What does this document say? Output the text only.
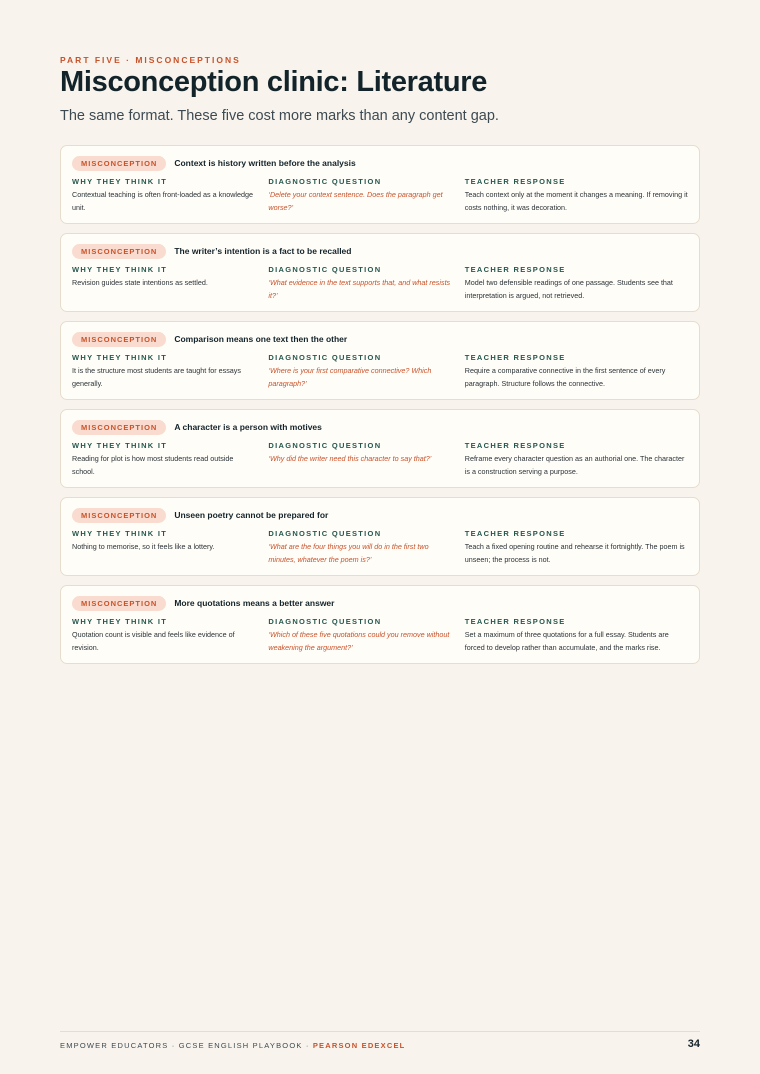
PART FIVE · MISCONCEPTIONS
Misconception clinic: Literature

The same format. These five cost more marks than any content gap.

MISCONCEPTION	Context is history written before the analysis
WHY THEY THINK IT
Contextual teaching is often front-loaded as a knowledge unit.
DIAGNOSTIC QUESTION
‘Delete your context sentence. Does the paragraph get worse?’
TEACHER RESPONSE
Teach context only at the moment it changes a meaning. If removing it costs nothing, it was decoration.
MISCONCEPTION	The writer’s intention is a fact to be recalled
WHY THEY THINK IT
Revision guides state intentions as settled.
DIAGNOSTIC QUESTION
‘What evidence in the text supports that, and what resists it?’
TEACHER RESPONSE
Model two defensible readings of one passage. Students see that interpretation is argued, not retrieved.
MISCONCEPTION	Comparison means one text then the other
WHY THEY THINK IT
It is the structure most students are taught for essays generally.
DIAGNOSTIC QUESTION
‘Where is your first comparative connective? Which paragraph?’
TEACHER RESPONSE
Require a comparative connective in the first sentence of every paragraph. Structure follows the connective.
MISCONCEPTION	A character is a person with motives
WHY THEY THINK IT
Reading for plot is how most students read outside school.
DIAGNOSTIC QUESTION
‘Why did the writer need this character to say that?’
TEACHER RESPONSE
Reframe every character question as an authorial one. The character is a construction serving a purpose.
MISCONCEPTION	Unseen poetry cannot be prepared for
WHY THEY THINK IT
Nothing to memorise, so it feels like a lottery.
DIAGNOSTIC QUESTION
‘What are the four things you will do in the first two minutes, whatever the poem is?’
TEACHER RESPONSE
Teach a fixed opening routine and rehearse it fortnightly. The poem is unseen; the process is not.
MISCONCEPTION	More quotations means a better answer
WHY THEY THINK IT
Quotation count is visible and feels like evidence of revision.
DIAGNOSTIC QUESTION
‘Which of these five quotations could you remove without weakening the argument?’
TEACHER RESPONSE
Set a maximum of three quotations for a full essay. Students are forced to develop rather than accumulate, and the marks rise.
EMPOWER EDUCATORS · GCSE ENGLISH PLAYBOOK · PEARSON EDEXCEL	34
